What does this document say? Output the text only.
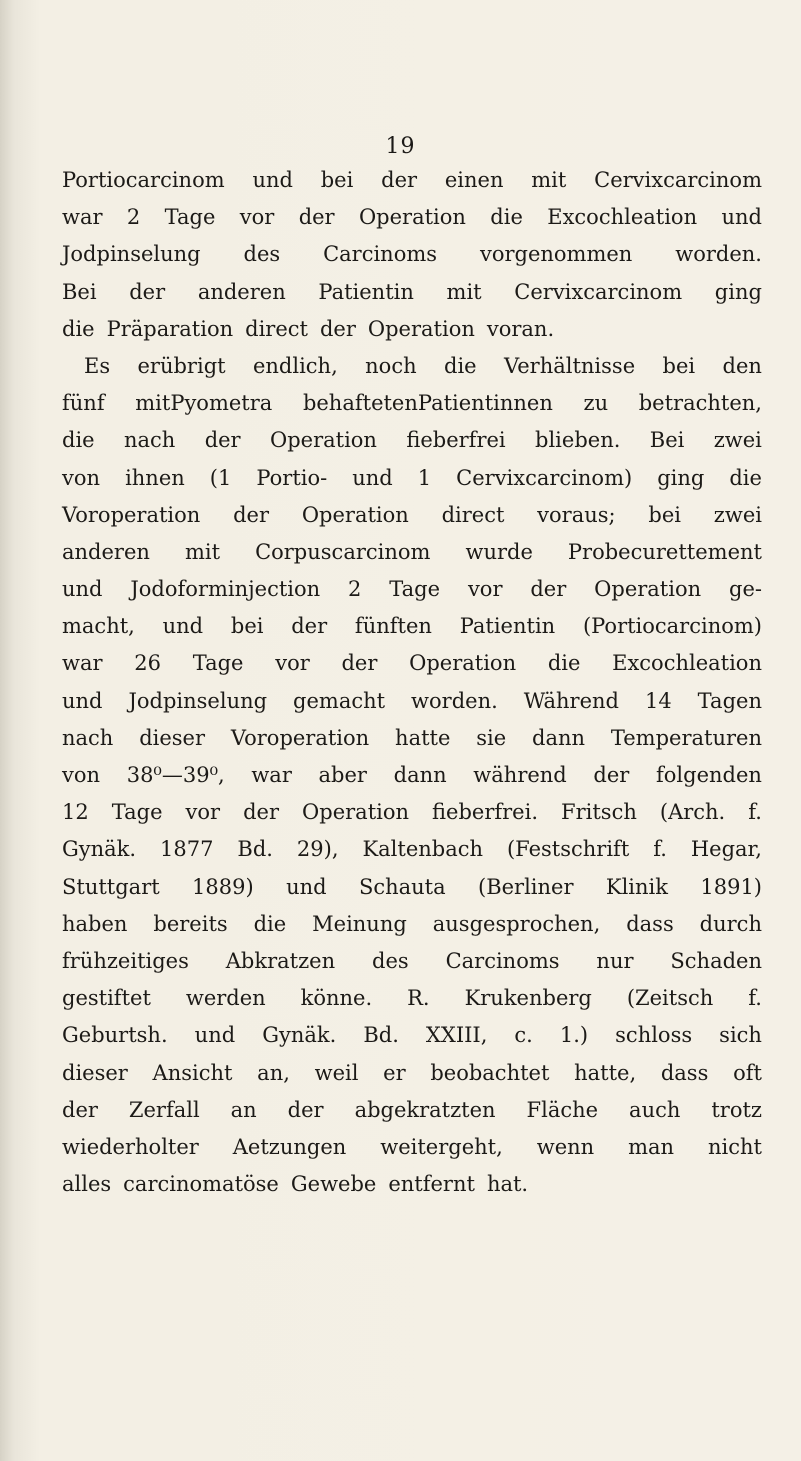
19
Portiocarcinom und bei der einen mit Cervixcarcinom
war 2 Tage vor der Operation die Excochleation und
Jodpinselung des Carcinoms vorgenommen worden.
Bei der anderen Patientin mit Cervixcarcinom ging
die Präparation direct der Operation voran.
Es erübrigt endlich, noch die Verhältnisse bei den
fünf mitPyometra behaftetenPatientinnen zu betrachten,
die nach der Operation fieberfrei blieben. Bei zwei
von ihnen (1 Portio- und 1 Cervixcarcinom) ging die
Voroperation der Operation direct voraus; bei zwei
anderen mit Corpuscarcinom wurde Probecurettement
und Jodoforminjection 2 Tage vor der Operation ge-
macht, und bei der fünften Patientin (Portiocarcinom)
war 26 Tage vor der Operation die Excochleation
und Jodpinselung gemacht worden. Während 14 Tagen
nach dieser Voroperation hatte sie dann Temperaturen
von 38⁰—39⁰, war aber dann während der folgenden
12 Tage vor der Operation fieberfrei. Fritsch (Arch. f.
Gynäk. 1877 Bd. 29), Kaltenbach (Festschrift f. Hegar,
Stuttgart 1889) und Schauta (Berliner Klinik 1891)
haben bereits die Meinung ausgesprochen, dass durch
frühzeitiges Abkratzen des Carcinoms nur Schaden
gestiftet werden könne. R. Krukenberg (Zeitsch f.
Geburtsh. und Gynäk. Bd. XXIII, c. 1.) schloss sich
dieser Ansicht an, weil er beobachtet hatte, dass oft
der Zerfall an der abgekratzten Fläche auch trotz
wiederholter Aetzungen weitergeht, wenn man nicht
alles carcinomatöse Gewebe entfernt hat.
